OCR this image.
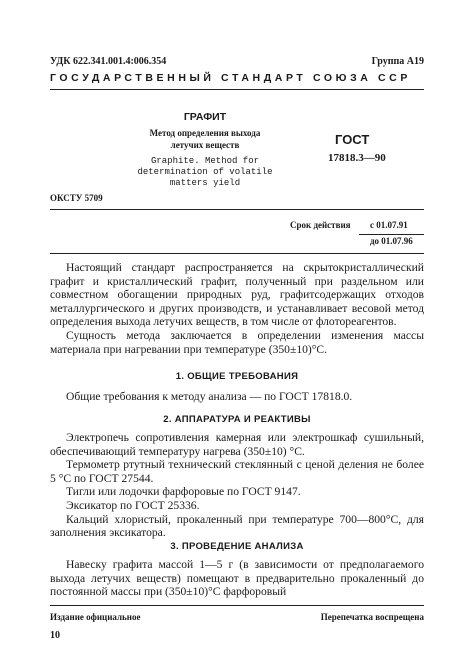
УДК 622.341.001.4:006.354	Группа А19
ГОСУДАРСТВЕННЫЙ СТАНДАРТ СОЮЗА ССР
ГРАФИТ
Метод определения выхода
летучих веществ
Graphite. Method for
determination of volatile
matters yield
ГОСТ
17818.3—90
ОКСТУ 5709
Срок действия с 01.07.91
до 01.07.96

Настоящий стандарт распространяется на скрытокристаллический графит и кристаллический графит, полученный при раздельном или совместном обогащении природных руд, графитсодержащих отходов металлургического и других производств, и устанавливает весовой метод определения выхода летучих веществ, в том числе от флотореагентов.

Сущность метода заключается в определении изменения массы материала при нагревании при температуре (350±10)°С.

1. ОБЩИЕ ТРЕБОВАНИЯ

Общие требования к методу анализа — по ГОСТ 17818.0.

2. АППАРАТУРА И РЕАКТИВЫ

Электропечь сопротивления камерная или электрошкаф сушильный, обеспечивающий температуру нагрева (350±10) °С.

Термометр ртутный технический стеклянный с ценой деления не более 5 °С по ГОСТ 27544.

Тигли или лодочки фарфоровые по ГОСТ 9147.

Эксикатор по ГОСТ 25336.

Кальций хлористый, прокаленный при температуре 700—800°С, для заполнения эксикатора.

3. ПРОВЕДЕНИЕ АНАЛИЗА

Навеску графита массой 1—5 г (в зависимости от предполагаемого выхода летучих веществ) помещают в предварительно прокаленный до постоянной массы при (350±10)°С фарфоровый

Издание официальное	Перепечатка воспрещена
10
